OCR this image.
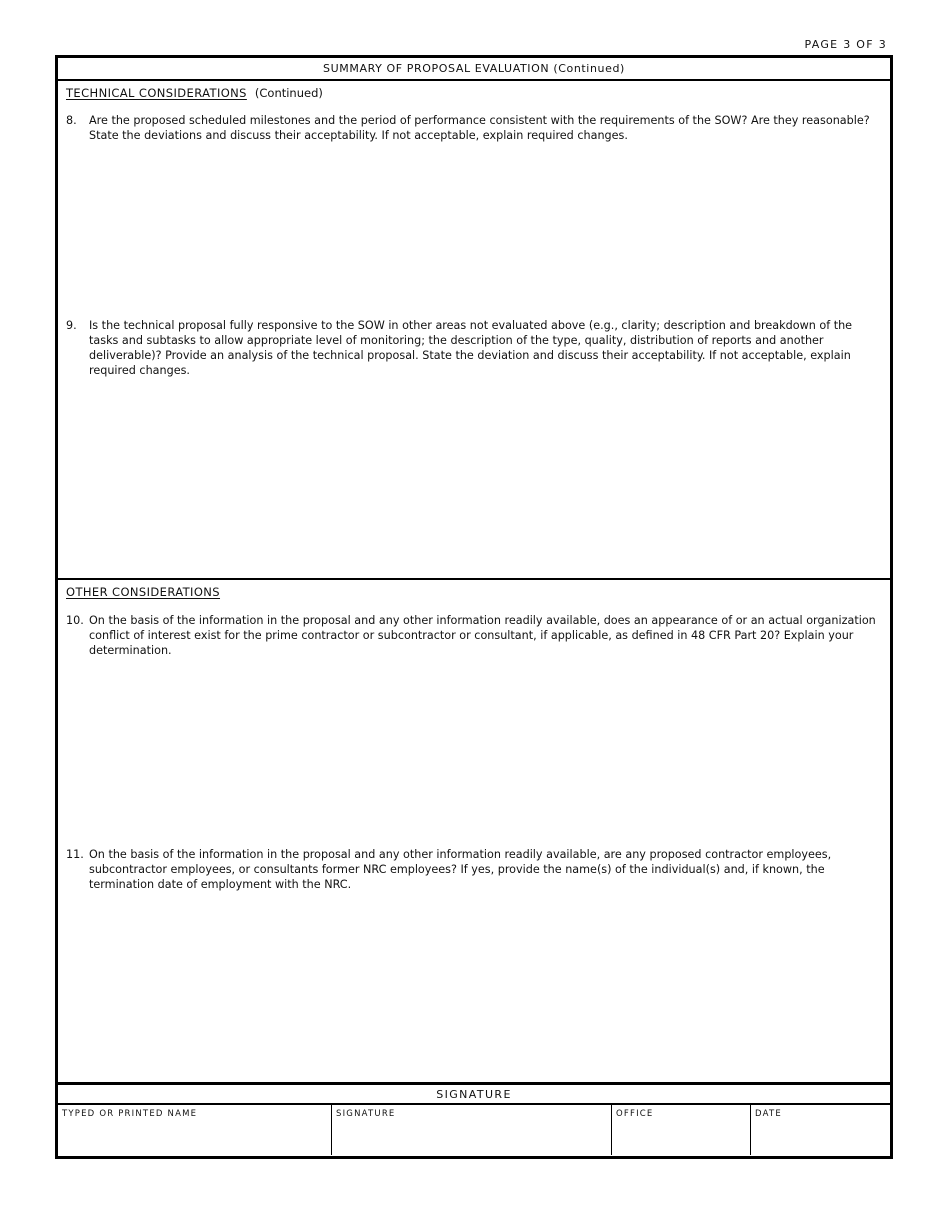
PAGE 3 OF 3
SUMMARY OF PROPOSAL EVALUATION (Continued)
TECHNICAL CONSIDERATIONS (Continued)
8.	Are the proposed scheduled milestones and the period of performance consistent with the requirements of the SOW? Are they reasonable? State the deviations and discuss their acceptability. If not acceptable, explain required changes.
9.	Is the technical proposal fully responsive to the SOW in other areas not evaluated above (e.g., clarity; description and breakdown of the tasks and subtasks to allow appropriate level of monitoring; the description of the type, quality, distribution of reports and another deliverable)? Provide an analysis of the technical proposal. State the deviation and discuss their acceptability. If not acceptable, explain required changes.
OTHER CONSIDERATIONS
10. On the basis of the information in the proposal and any other information readily available, does an appearance of or an actual organization conflict of interest exist for the prime contractor or subcontractor or consultant, if applicable, as defined in 48 CFR Part 20? Explain your determination.
11. On the basis of the information in the proposal and any other information readily available, are any proposed contractor employees, subcontractor employees, or consultants former NRC employees? If yes, provide the name(s) of the individual(s) and, if known, the termination date of employment with the NRC.
SIGNATURE
TYPED OR PRINTED NAME	SIGNATURE	OFFICE	DATE
